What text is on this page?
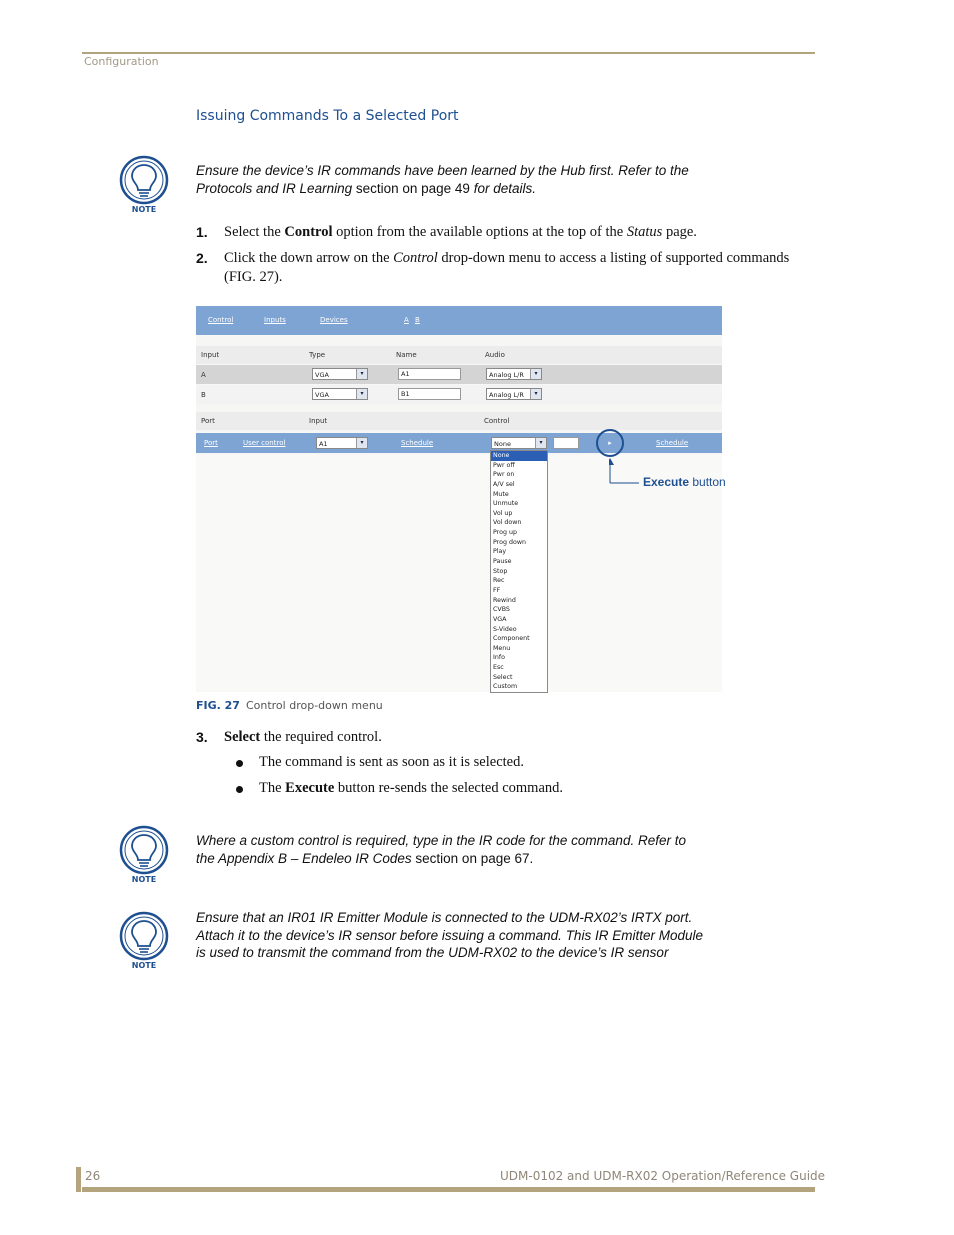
Configuration
Issuing Commands To a Selected Port
NOTE
Ensure the device’s IR commands have been learned by the Hub first. Refer to the
Protocols and IR Learning section on page 49 for details.
1. Select the Control option from the available options at the top of the Status page.
2. Click the down arrow on the Control drop-down menu to access a listing of supported commands
(FIG. 27).
Control	Inputs	Devices	A B
Input	Type	Name	Audio
A	VGA	▾	A1	Analog L/R	▾
B	VGA	▾	B1	Analog L/R	▾
Port	Input	Control
Port	User control	A1	▾	Schedule	None	▾	▸	Schedule
None
Pwr off
Pwr on
A/V sel
Mute
Unmute
Vol up
Vol down
Prog up
Prog down
Play
Pause
Stop
Rec
FF
Rewind
CVBS
VGA
S-Video
Component
Menu
Info
Esc
Select
Custom
Execute button
FIG. 27 Control drop-down menu
3. Select the required control.
The command is sent as soon as it is selected.
The Execute button re-sends the selected command.
NOTE
Where a custom control is required, type in the IR code for the command. Refer to
the Appendix B – Endeleo IR Codes section on page 67.
NOTE
Ensure that an IR01 IR Emitter Module is connected to the UDM-RX02’s IRTX port.
Attach it to the device’s IR sensor before issuing a command. This IR Emitter Module
is used to transmit the command from the UDM-RX02 to the device’s IR sensor
26	UDM-0102 and UDM-RX02 Operation/Reference Guide
